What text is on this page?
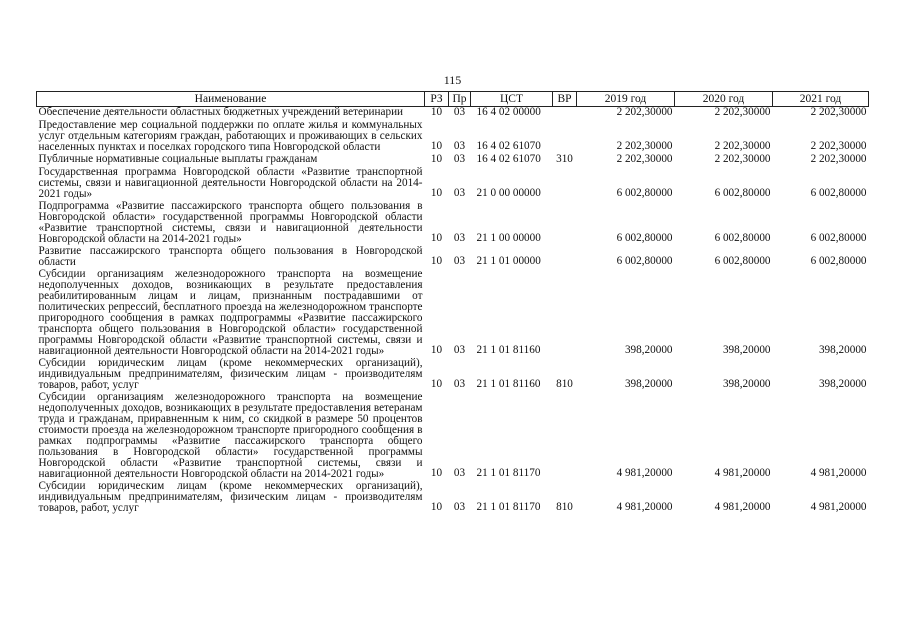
115
Наименование	РЗ	Пр	ЦСТ	ВР	2019 год	2020 год	2021 год
Обеспечение деятельности областных бюджетных учреждений ветеринарии	10	03	16 4 02 00000		2 202,30000	2 202,30000	2 202,30000
Предоставление мер социальной поддержки по оплате жилья и коммунальных услуг отдельным категориям граждан, работающих и проживающих в сельских населенных пунктах и поселках городского типа Новгородской области	10	03	16 4 02 61070		2 202,30000	2 202,30000	2 202,30000
Публичные нормативные социальные выплаты гражданам	10	03	16 4 02 61070	310	2 202,30000	2 202,30000	2 202,30000
Государственная программа Новгородской области «Развитие транспортной системы, связи и навигационной деятельности Новгородской области на 2014-2021 годы»	10	03	21 0 00 00000		6 002,80000	6 002,80000	6 002,80000
Подпрограмма «Развитие пассажирского транспорта общего пользования в Новгородской области» государственной программы Новгородской области «Развитие транспортной системы, связи и навигационной деятельности Новгородской области на 2014-2021 годы»	10	03	21 1 00 00000		6 002,80000	6 002,80000	6 002,80000
Развитие пассажирского транспорта общего пользования в Новгородской области	10	03	21 1 01 00000		6 002,80000	6 002,80000	6 002,80000
Субсидии организациям железнодорожного транспорта на возмещение недополученных доходов, возникающих в результате предоставления реабилитированным лицам и лицам, признанным пострадавшими от политических репрессий, бесплатного проезда на железнодорожном транспорте пригородного сообщения в рамках подпрограммы «Развитие пассажирского транспорта общего пользования в Новгородской области» государственной программы Новгородской области «Развитие транспортной системы, связи и навигационной деятельности Новгородской области на 2014-2021 годы»	10	03	21 1 01 81160		398,20000	398,20000	398,20000
Субсидии юридическим лицам (кроме некоммерческих организаций), индивидуальным предпринимателям, физическим лицам - производителям товаров, работ, услуг	10	03	21 1 01 81160	810	398,20000	398,20000	398,20000
Субсидии организациям железнодорожного транспорта на возмещение недополученных доходов, возникающих в результате предоставления ветеранам труда и гражданам, приравненным к ним, со скидкой в размере 50 процентов стоимости проезда на железнодорожном транспорте пригородного сообщения в рамках подпрограммы «Развитие пассажирского транспорта общего пользования в Новгородской области» государственной программы Новгородской области «Развитие транспортной системы, связи и навигационной деятельности Новгородской области на 2014-2021 годы»	10	03	21 1 01 81170		4 981,20000	4 981,20000	4 981,20000
Субсидии юридическим лицам (кроме некоммерческих организаций), индивидуальным предпринимателям, физическим лицам - производителям товаров, работ, услуг	10	03	21 1 01 81170	810	4 981,20000	4 981,20000	4 981,20000
